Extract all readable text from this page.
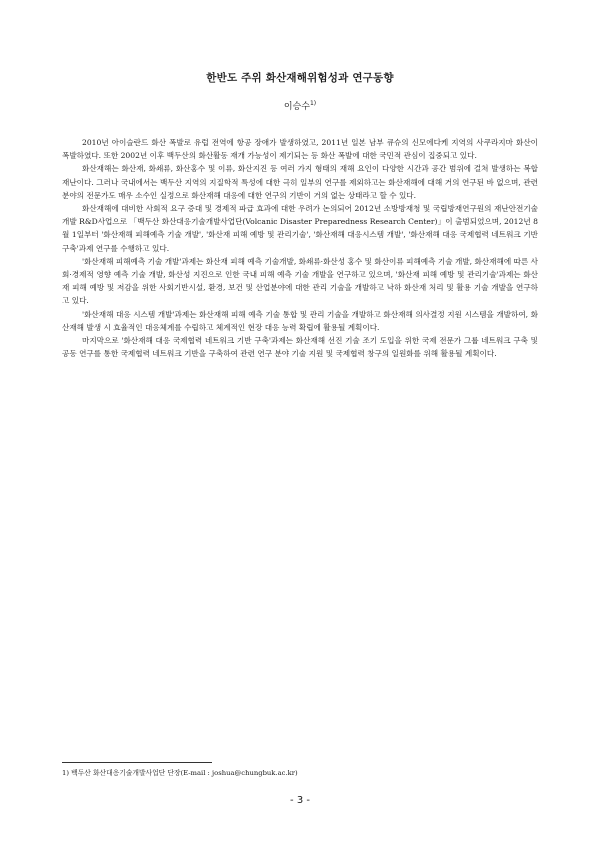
한반도 주위 화산재해위험성과 연구동향

이승수$^{1)}$

2010년 아이슬란드 화산 폭발로 유럽 전역에 항공 장애가 발생하였고, 2011년 일본 남부 큐슈의 신모에다케 지역의 사쿠라지마 화산이 폭발하였다. 또한 2002년 이후 백두산의 화산활동 재개 가능성이 제기되는 등 화산 폭발에 대한 국민적 관심이 집중되고 있다.

화산재해는 화산재, 화쇄류, 화산홍수 및 이류, 화산지진 등 여러 가지 형태의 재해 요인이 다양한 시간과 공간 범위에 걸쳐 발생하는 복합재난이다. 그러나 국내에서는 백두산 지역의 지질학적 특성에 대한 극히 일부의 연구를 제외하고는 화산재해에 대해 거의 연구된 바 없으며, 관련 분야의 전문가도 매우 소수인 실정으로 화산재해 대응에 대한 연구의 기반이 거의 없는 상태라고 할 수 있다.

화산재해에 대비한 사회적 요구 증대 및 경제적 파급 효과에 대한 우려가 논의되어 2012년 소방방재청 및 국립방재연구원의 재난안전기술개발 R&D사업으로 「백두산 화산대응기술개발사업단(Volcanic Disaster Preparedness Research Center)」이 출범되었으며, 2012년 8월 1일부터 '화산재해 피해예측 기술 개발', '화산재 피해 예방 및 관리기술', '화산재해 대응시스템 개발', '화산재해 대응 국제협력 네트워크 기반 구축'과제 연구를 수행하고 있다.

'화산재해 피해예측 기술 개발'과제는 화산재 피해 예측 기술개발, 화쇄류·화산성 홍수 및 화산이류 피해예측 기술 개발, 화산재해에 따른 사회·경제적 영향 예측 기술 개발, 화산성 지진으로 인한 국내 피해 예측 기술 개발을 연구하고 있으며, '화산재 피해 예방 및 관리기술'과제는 화산재 피해 예방 및 저감을 위한 사회기반시설, 환경, 보건 및 산업분야에 대한 관리 기술을 개발하고 낙하 화산재 처리 및 활용 기술 개발을 연구하고 있다.

'화산재해 대응 시스템 개발'과제는 화산재해 피해 예측 기술 통합 및 관리 기술을 개발하고 화산재해 의사결정 지원 시스템을 개발하여, 화산재해 발생 시 효율적인 대응체계를 수립하고 체계적인 현장 대응 능력 확립에 활용될 계획이다.

마지막으로 '화산재해 대응 국제협력 네트워크 기반 구축'과제는 화산재해 선진 기술 조기 도입을 위한 국제 전문가 그룹 네트워크 구축 및 공동 연구를 통한 국제협력 네트워크 기반을 구축하여 관련 연구 분야 기술 지원 및 국제협력 창구의 일원화를 위해 활용될 계획이다.

1) 백두산 화산대응기술개발사업단 단장(E-mail : joshua@chungbuk.ac.kr)

- 3 -
